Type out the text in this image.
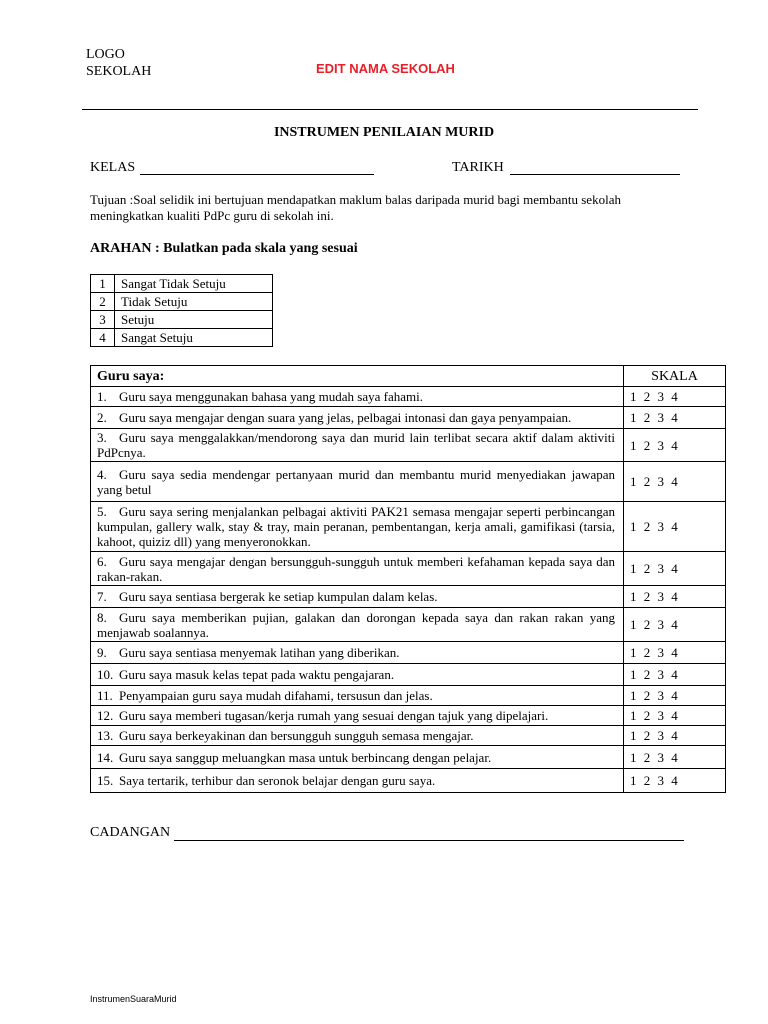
LOGO
SEKOLAH	EDIT NAMA SEKOLAH
INSTRUMEN PENILAIAN MURID
KELAS	TARIKH
Tujuan :Soal selidik ini bertujuan mendapatkan maklum balas daripada murid bagi membantu sekolah meningkatkan kualiti PdPc guru di sekolah ini.
ARAHAN : Bulatkan pada skala yang sesuai
1	Sangat Tidak Setuju
2	Tidak Setuju
3	Setuju
4	Sangat Setuju
Guru saya:	SKALA
1. Guru saya menggunakan bahasa yang mudah saya fahami.	1 2 3 4
2. Guru saya mengajar dengan suara yang jelas, pelbagai intonasi dan gaya penyampaian.	1 2 3 4
3. Guru saya menggalakkan/mendorong saya dan murid lain terlibat secara aktif dalam aktiviti PdPcnya.	1 2 3 4
4. Guru saya sedia mendengar pertanyaan murid dan membantu murid menyediakan jawapan yang betul	1 2 3 4
5. Guru saya sering menjalankan pelbagai aktiviti PAK21 semasa mengajar seperti perbincangan kumpulan, gallery walk, stay & tray, main peranan, pembentangan, kerja amali, gamifikasi (tarsia, kahoot, quiziz dll) yang menyeronokkan.	1 2 3 4
6. Guru saya mengajar dengan bersungguh-sungguh untuk memberi kefahaman kepada saya dan rakan-rakan.	1 2 3 4
7. Guru saya sentiasa bergerak ke setiap kumpulan dalam kelas.	1 2 3 4
8. Guru saya memberikan pujian, galakan dan dorongan kepada saya dan rakan rakan yang menjawab soalannya.	1 2 3 4
9. Guru saya sentiasa menyemak latihan yang diberikan.	1 2 3 4
10. Guru saya masuk kelas tepat pada waktu pengajaran.	1 2 3 4
11. Penyampaian guru saya mudah difahami, tersusun dan jelas.	1 2 3 4
12. Guru saya memberi tugasan/kerja rumah yang sesuai dengan tajuk yang dipelajari.	1 2 3 4
13. Guru saya berkeyakinan dan bersungguh sungguh semasa mengajar.	1 2 3 4
14. Guru saya sanggup meluangkan masa untuk berbincang dengan pelajar.	1 2 3 4
15. Saya tertarik, terhibur dan seronok belajar dengan guru saya.	1 2 3 4
CADANGAN
InstrumenSuaraMurid
